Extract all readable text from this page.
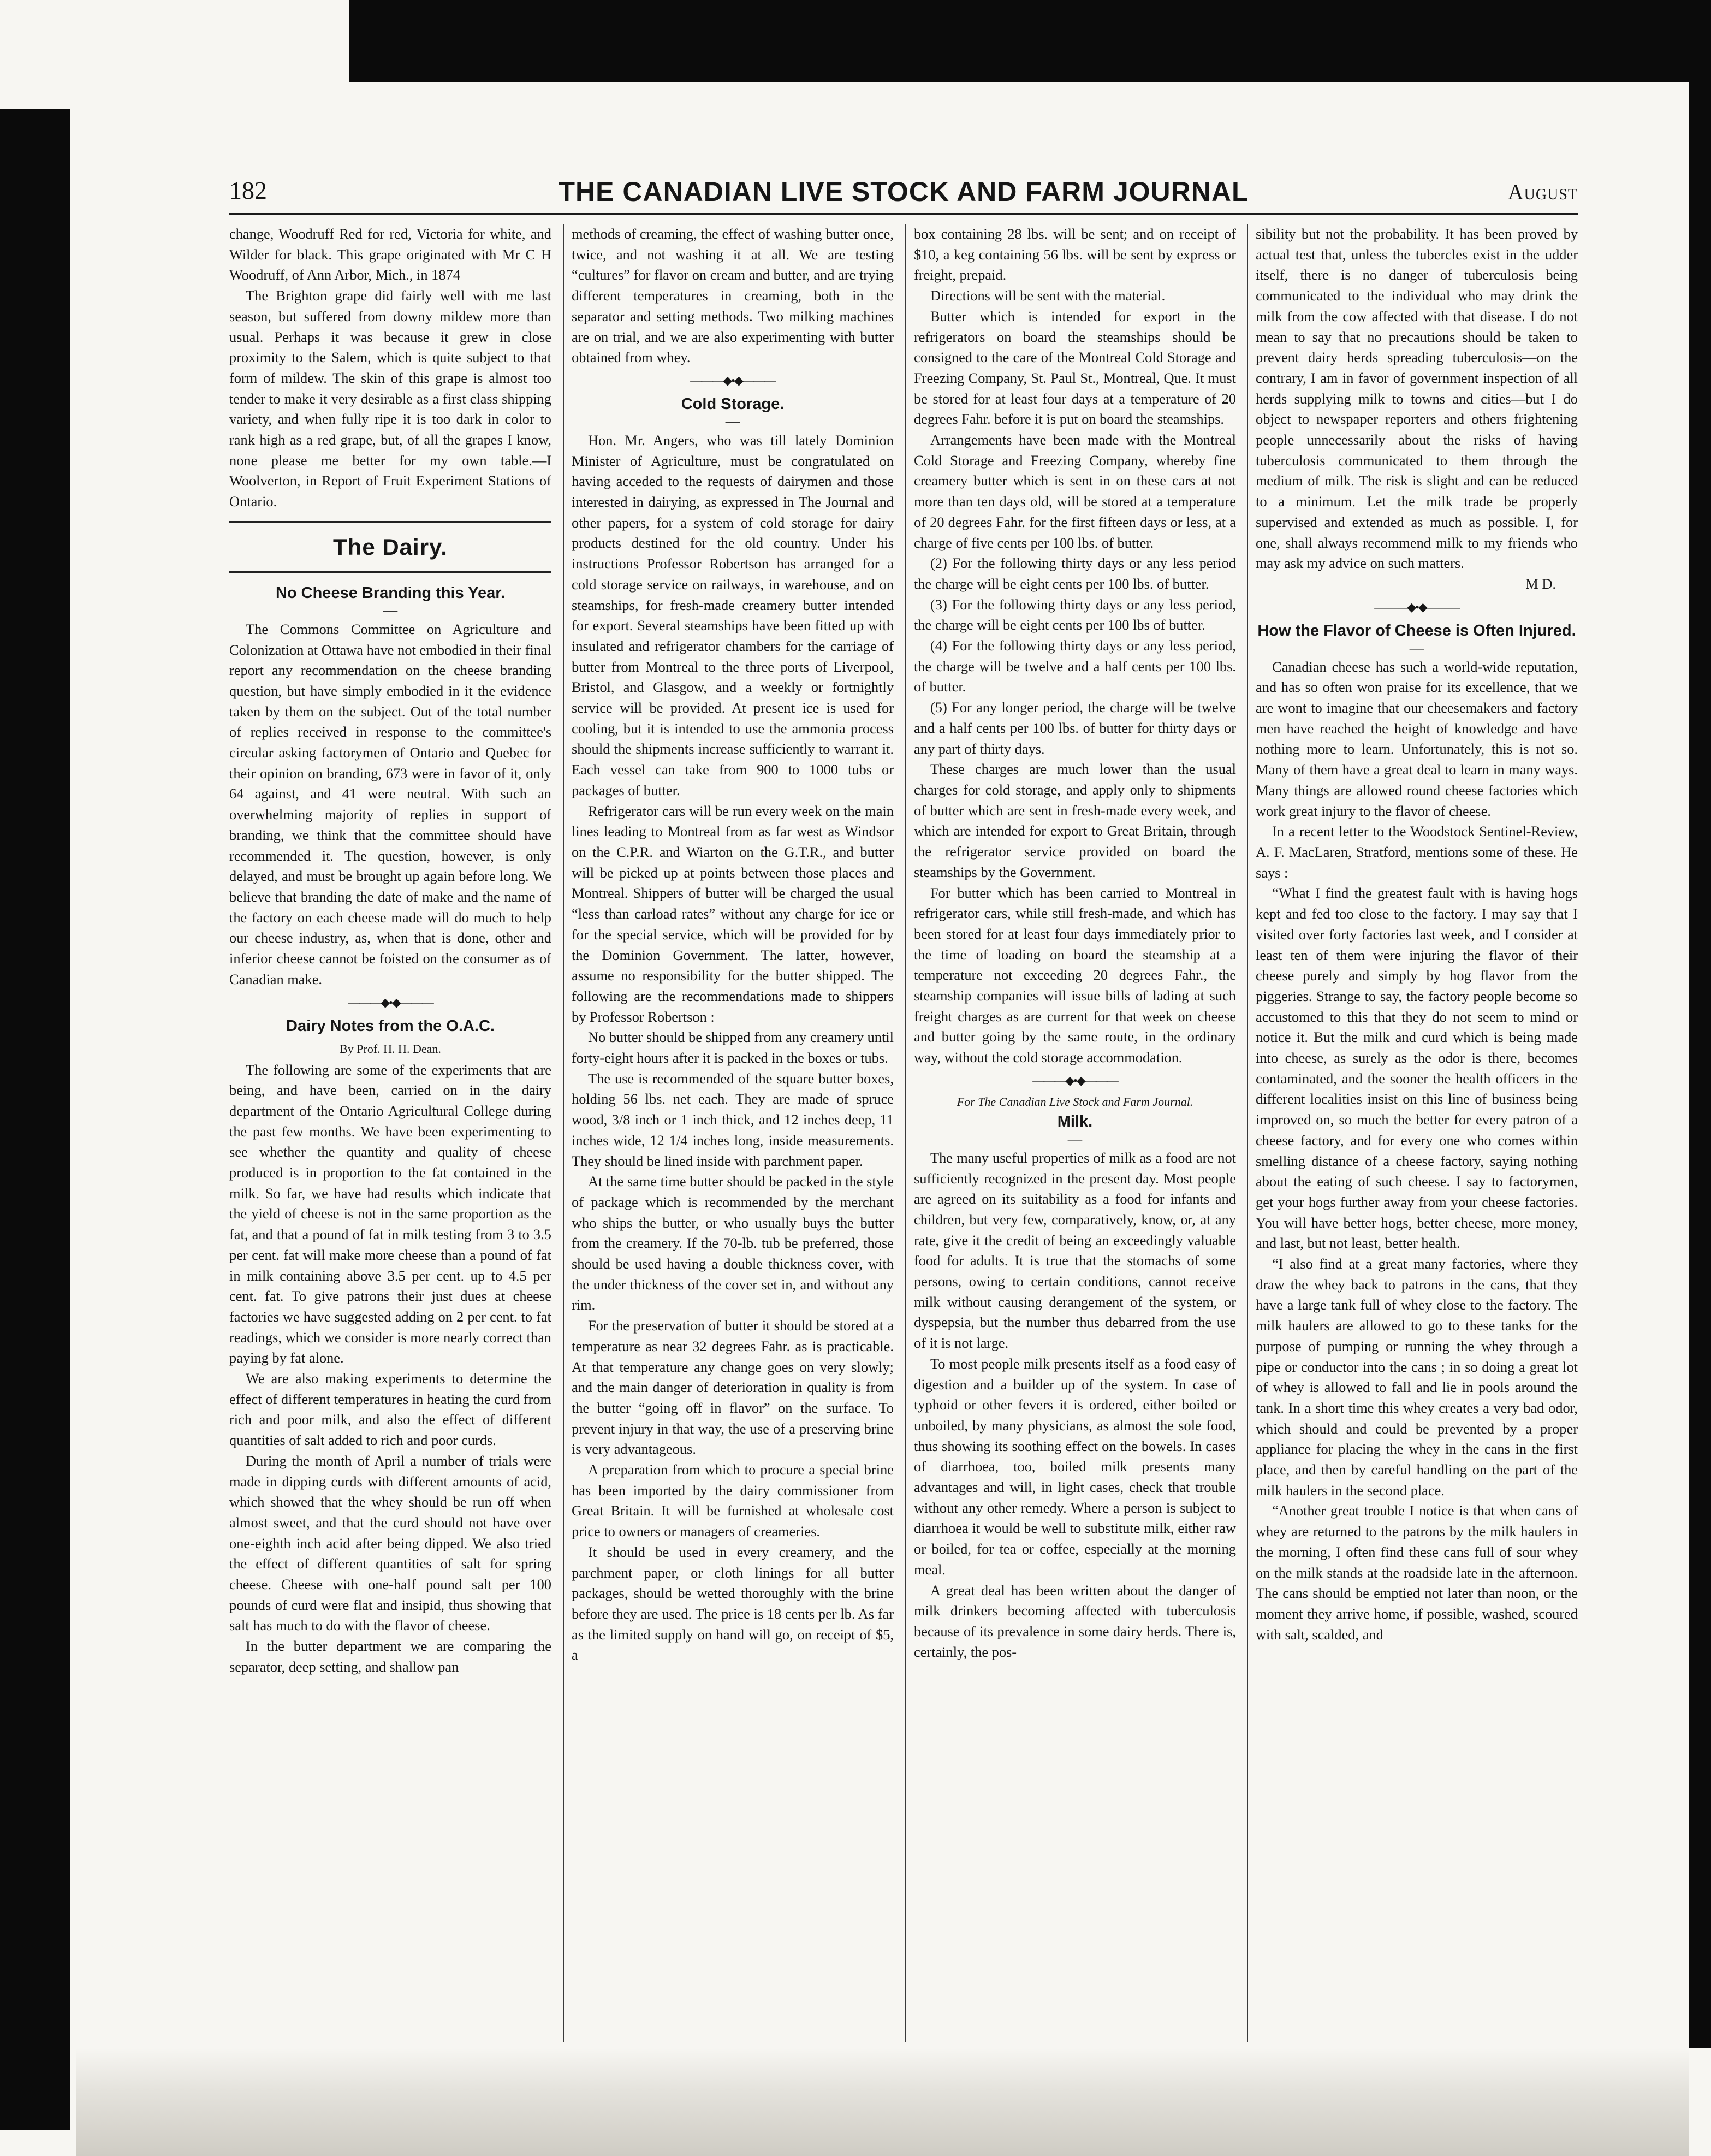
182	THE CANADIAN LIVE STOCK AND FARM JOURNAL	August

change, Woodruff Red for red, Victoria for white, and Wilder for black. This grape originated with Mr C H Woodruff, of Ann Arbor, Mich., in 1874

The Brighton grape did fairly well with me last season, but suffered from downy mildew more than usual. Perhaps it was because it grew in close proximity to the Salem, which is quite subject to that form of mildew. The skin of this grape is almost too tender to make it very desirable as a first class shipping variety, and when fully ripe it is too dark in color to rank high as a red grape, but, of all the grapes I know, none please me better for my own table.—I Woolverton, in Report of Fruit Experiment Stations of Ontario.

The Dairy.
No Cheese Branding this Year.
—

The Commons Committee on Agriculture and Colonization at Ottawa have not embodied in their final report any recommendation on the cheese branding question, but have simply embodied in it the evidence taken by them on the subject. Out of the total number of replies received in response to the committee's circular asking factorymen of Ontario and Quebec for their opinion on branding, 673 were in favor of it, only 64 against, and 41 were neutral. With such an overwhelming majority of replies in support of branding, we think that the committee should have recommended it. The question, however, is only delayed, and must be brought up again before long. We believe that branding the date of make and the name of the factory on each cheese made will do much to help our cheese industry, as, when that is done, other and inferior cheese cannot be foisted on the consumer as of Canadian make.

———◆•◆———
Dairy Notes from the O.A.C.
By Prof. H. H. Dean.

The following are some of the experiments that are being, and have been, carried on in the dairy department of the Ontario Agricultural College during the past few months. We have been experimenting to see whether the quantity and quality of cheese produced is in proportion to the fat contained in the milk. So far, we have had results which indicate that the yield of cheese is not in the same proportion as the fat, and that a pound of fat in milk testing from 3 to 3.5 per cent. fat will make more cheese than a pound of fat in milk containing above 3.5 per cent. up to 4.5 per cent. fat. To give patrons their just dues at cheese factories we have suggested adding on 2 per cent. to fat readings, which we consider is more nearly correct than paying by fat alone.

We are also making experiments to determine the effect of different temperatures in heating the curd from rich and poor milk, and also the effect of different quantities of salt added to rich and poor curds.

During the month of April a number of trials were made in dipping curds with different amounts of acid, which showed that the whey should be run off when almost sweet, and that the curd should not have over one-eighth inch acid after being dipped. We also tried the effect of different quantities of salt for spring cheese. Cheese with one-half pound salt per 100 pounds of curd were flat and insipid, thus showing that salt has much to do with the flavor of cheese.

In the butter department we are comparing the separator, deep setting, and shallow pan

methods of creaming, the effect of washing butter once, twice, and not washing it at all. We are testing “cultures” for flavor on cream and butter, and are trying different temperatures in creaming, both in the separator and setting methods. Two milking machines are on trial, and we are also experimenting with butter obtained from whey.

———◆•◆———
Cold Storage.
—

Hon. Mr. Angers, who was till lately Dominion Minister of Agriculture, must be congratulated on having acceded to the requests of dairymen and those interested in dairying, as expressed in The Journal and other papers, for a system of cold storage for dairy products destined for the old country. Under his instructions Professor Robertson has arranged for a cold storage service on railways, in warehouse, and on steamships, for fresh-made creamery butter intended for export. Several steamships have been fitted up with insulated and refrigerator chambers for the carriage of butter from Montreal to the three ports of Liverpool, Bristol, and Glasgow, and a weekly or fortnightly service will be provided. At present ice is used for cooling, but it is intended to use the ammonia process should the shipments increase sufficiently to warrant it. Each vessel can take from 900 to 1000 tubs or packages of butter.

Refrigerator cars will be run every week on the main lines leading to Montreal from as far west as Windsor on the C.P.R. and Wiarton on the G.T.R., and butter will be picked up at points between those places and Montreal. Shippers of butter will be charged the usual “less than carload rates” without any charge for ice or for the special service, which will be provided for by the Dominion Government. The latter, however, assume no responsibility for the butter shipped. The following are the recommendations made to shippers by Professor Robertson :

No butter should be shipped from any creamery until forty-eight hours after it is packed in the boxes or tubs.

The use is recommended of the square butter boxes, holding 56 lbs. net each. They are made of spruce wood, 3/8 inch or 1 inch thick, and 12 inches deep, 11 inches wide, 12 1/4 inches long, inside measurements. They should be lined inside with parchment paper.

At the same time butter should be packed in the style of package which is recommended by the merchant who ships the butter, or who usually buys the butter from the creamery. If the 70-lb. tub be preferred, those should be used having a double thickness cover, with the under thickness of the cover set in, and without any rim.

For the preservation of butter it should be stored at a temperature as near 32 degrees Fahr. as is practicable. At that temperature any change goes on very slowly; and the main danger of deterioration in quality is from the butter “going off in flavor” on the surface. To prevent injury in that way, the use of a preserving brine is very advantageous.

A preparation from which to procure a special brine has been imported by the dairy commissioner from Great Britain. It will be furnished at wholesale cost price to owners or managers of creameries.

It should be used in every creamery, and the parchment paper, or cloth linings for all butter packages, should be wetted thoroughly with the brine before they are used. The price is 18 cents per lb. As far as the limited supply on hand will go, on receipt of $5, a

box containing 28 lbs. will be sent; and on receipt of $10, a keg containing 56 lbs. will be sent by express or freight, prepaid.

Directions will be sent with the material.

Butter which is intended for export in the refrigerators on board the steamships should be consigned to the care of the Montreal Cold Storage and Freezing Company, St. Paul St., Montreal, Que. It must be stored for at least four days at a temperature of 20 degrees Fahr. before it is put on board the steamships.

Arrangements have been made with the Montreal Cold Storage and Freezing Company, whereby fine creamery butter which is sent in on these cars at not more than ten days old, will be stored at a temperature of 20 degrees Fahr. for the first fifteen days or less, at a charge of five cents per 100 lbs. of butter.

(2) For the following thirty days or any less period the charge will be eight cents per 100 lbs. of butter.

(3) For the following thirty days or any less period, the charge will be eight cents per 100 lbs of butter.

(4) For the following thirty days or any less period, the charge will be twelve and a half cents per 100 lbs. of butter.

(5) For any longer period, the charge will be twelve and a half cents per 100 lbs. of butter for thirty days or any part of thirty days.

These charges are much lower than the usual charges for cold storage, and apply only to shipments of butter which are sent in fresh-made every week, and which are intended for export to Great Britain, through the refrigerator service provided on board the steamships by the Government.

For butter which has been carried to Montreal in refrigerator cars, while still fresh-made, and which has been stored for at least four days immediately prior to the time of loading on board the steamship at a temperature not exceeding 20 degrees Fahr., the steamship companies will issue bills of lading at such freight charges as are current for that week on cheese and butter going by the same route, in the ordinary way, without the cold storage accommodation.

———◆•◆———
For The Canadian Live Stock and Farm Journal.
Milk.
—

The many useful properties of milk as a food are not sufficiently recognized in the present day. Most people are agreed on its suitability as a food for infants and children, but very few, comparatively, know, or, at any rate, give it the credit of being an exceedingly valuable food for adults. It is true that the stomachs of some persons, owing to certain conditions, cannot receive milk without causing derangement of the system, or dyspepsia, but the number thus debarred from the use of it is not large.

To most people milk presents itself as a food easy of digestion and a builder up of the system. In case of typhoid or other fevers it is ordered, either boiled or unboiled, by many physicians, as almost the sole food, thus showing its soothing effect on the bowels. In cases of diarrhoea, too, boiled milk presents many advantages and will, in light cases, check that trouble without any other remedy. Where a person is subject to diarrhoea it would be well to substitute milk, either raw or boiled, for tea or coffee, especially at the morning meal.

A great deal has been written about the danger of milk drinkers becoming affected with tuberculosis because of its prevalence in some dairy herds. There is, certainly, the pos-

sibility but not the probability. It has been proved by actual test that, unless the tubercles exist in the udder itself, there is no danger of tuberculosis being communicated to the individual who may drink the milk from the cow affected with that disease. I do not mean to say that no precautions should be taken to prevent dairy herds spreading tuberculosis—on the contrary, I am in favor of government inspection of all herds supplying milk to towns and cities—but I do object to newspaper reporters and others frightening people unnecessarily about the risks of having tuberculosis communicated to them through the medium of milk. The risk is slight and can be reduced to a minimum. Let the milk trade be properly supervised and extended as much as possible. I, for one, shall always recommend milk to my friends who may ask my advice on such matters.

M D.
———◆•◆———
How the Flavor of Cheese is Often Injured.
—

Canadian cheese has such a world-wide reputation, and has so often won praise for its excellence, that we are wont to imagine that our cheesemakers and factory men have reached the height of knowledge and have nothing more to learn. Unfortunately, this is not so. Many of them have a great deal to learn in many ways. Many things are allowed round cheese factories which work great injury to the flavor of cheese.

In a recent letter to the Woodstock Sentinel-Review, A. F. MacLaren, Stratford, mentions some of these. He says :

“What I find the greatest fault with is having hogs kept and fed too close to the factory. I may say that I visited over forty factories last week, and I consider at least ten of them were injuring the flavor of their cheese purely and simply by hog flavor from the piggeries. Strange to say, the factory people become so accustomed to this that they do not seem to mind or notice it. But the milk and curd which is being made into cheese, as surely as the odor is there, becomes contaminated, and the sooner the health officers in the different localities insist on this line of business being improved on, so much the better for every patron of a cheese factory, and for every one who comes within smelling distance of a cheese factory, saying nothing about the eating of such cheese. I say to factorymen, get your hogs further away from your cheese factories. You will have better hogs, better cheese, more money, and last, but not least, better health.

“I also find at a great many factories, where they draw the whey back to patrons in the cans, that they have a large tank full of whey close to the factory. The milk haulers are allowed to go to these tanks for the purpose of pumping or running the whey through a pipe or conductor into the cans ; in so doing a great lot of whey is allowed to fall and lie in pools around the tank. In a short time this whey creates a very bad odor, which should and could be prevented by a proper appliance for placing the whey in the cans in the first place, and then by careful handling on the part of the milk haulers in the second place.

“Another great trouble I notice is that when cans of whey are returned to the patrons by the milk haulers in the morning, I often find these cans full of sour whey on the milk stands at the roadside late in the afternoon. The cans should be emptied not later than noon, or the moment they arrive home, if possible, washed, scoured with salt, scalded, and
